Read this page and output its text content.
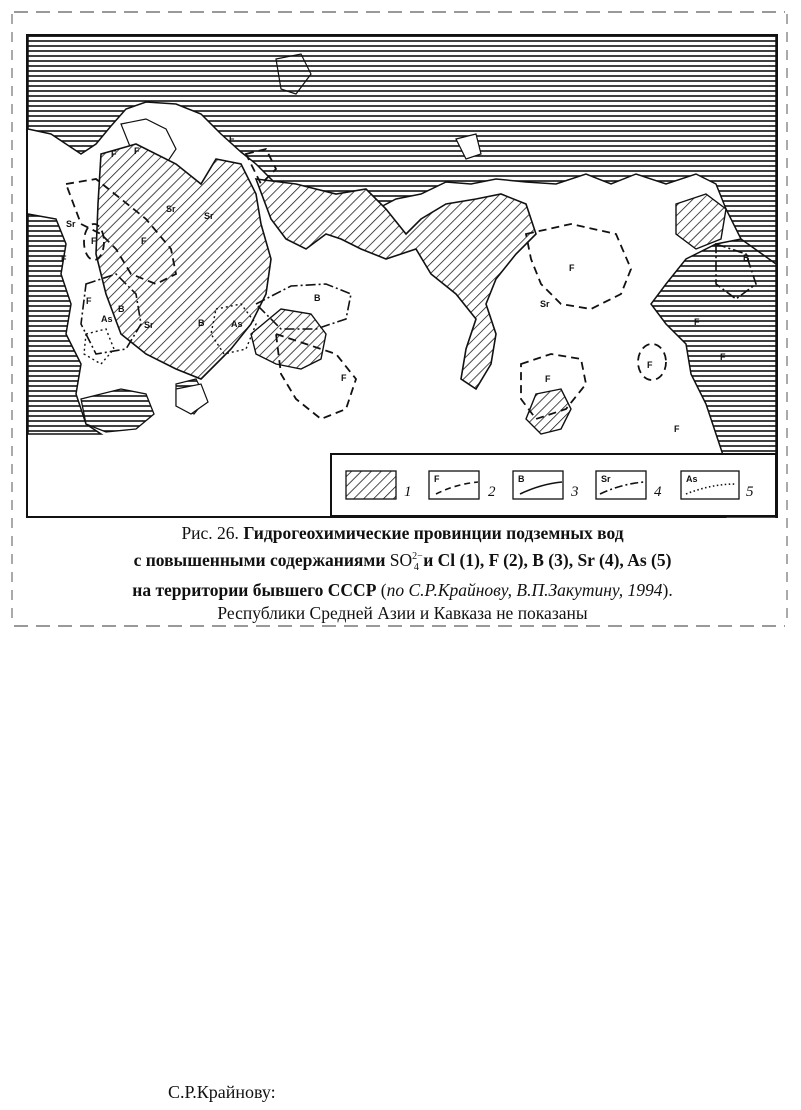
F F
F
Sr
Sr
Sr
F	F
F
F
B
As
Sr	B	As
B
F
F
Sr
F
F
F
F
B
F
1
F
2
B
3
Sr
4
As
5
Рис. 26. Гидрогеохимические провинции подземных вод
с повышенными содержаниями $SO^{2-}_4$ и Cl (1), F (2), B (3), Sr (4), As (5)
на территории бывшего СССР (по С.Р.Крайнову, В.П.Закутину, 1994).
Республики Средней Азии и Кавказа не показаны
С.Р.Крайнову:
